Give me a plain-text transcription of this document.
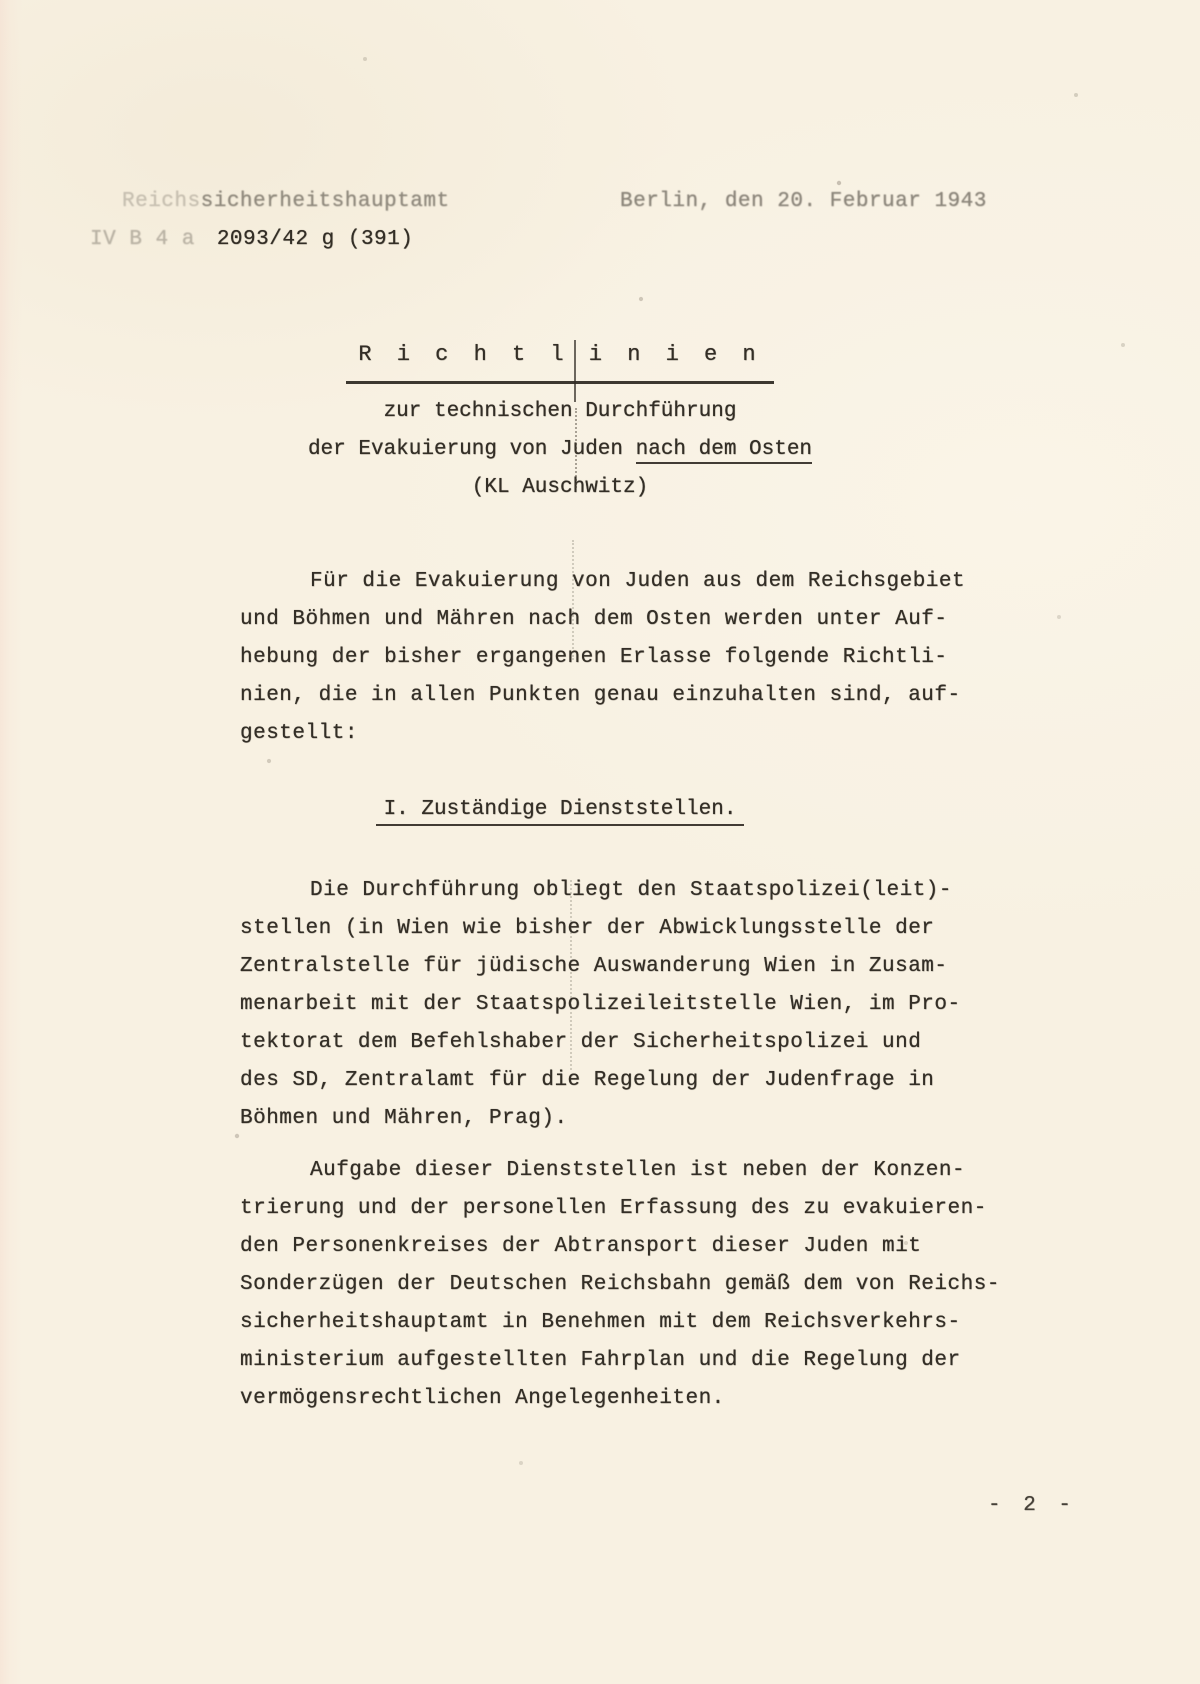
Reichssicherheitshauptamt
IV B 4 a 2093/42 g (391)
Berlin, den 20. Februar 1943
R i c h t l i n i e n
zur technischen Durchführung
der Evakuierung von Juden nach dem Osten
(KL Auschwitz)
Für die Evakuierung von Juden aus dem Reichsgebiet
und Böhmen und Mähren nach dem Osten werden unter Auf-
hebung der bisher ergangenen Erlasse folgende Richtli-
nien, die in allen Punkten genau einzuhalten sind, auf-
gestellt:
I. Zuständige Dienststellen.
Die Durchführung obliegt den Staatspolizei(leit)-
stellen (in Wien wie bisher der Abwicklungsstelle der
Zentralstelle für jüdische Auswanderung Wien in Zusam-
menarbeit mit der Staatspolizeileitstelle Wien, im Pro-
tektorat dem Befehlshaber der Sicherheitspolizei und
des SD, Zentralamt für die Regelung der Judenfrage in
Böhmen und Mähren, Prag).
Aufgabe dieser Dienststellen ist neben der Konzen-
trierung und der personellen Erfassung des zu evakuieren-
den Personenkreises der Abtransport dieser Juden mit
Sonderzügen der Deutschen Reichsbahn gemäß dem von Reichs-
sicherheitshauptamt in Benehmen mit dem Reichsverkehrs-
ministerium aufgestellten Fahrplan und die Regelung der
vermögensrechtlichen Angelegenheiten.
- 2 -
